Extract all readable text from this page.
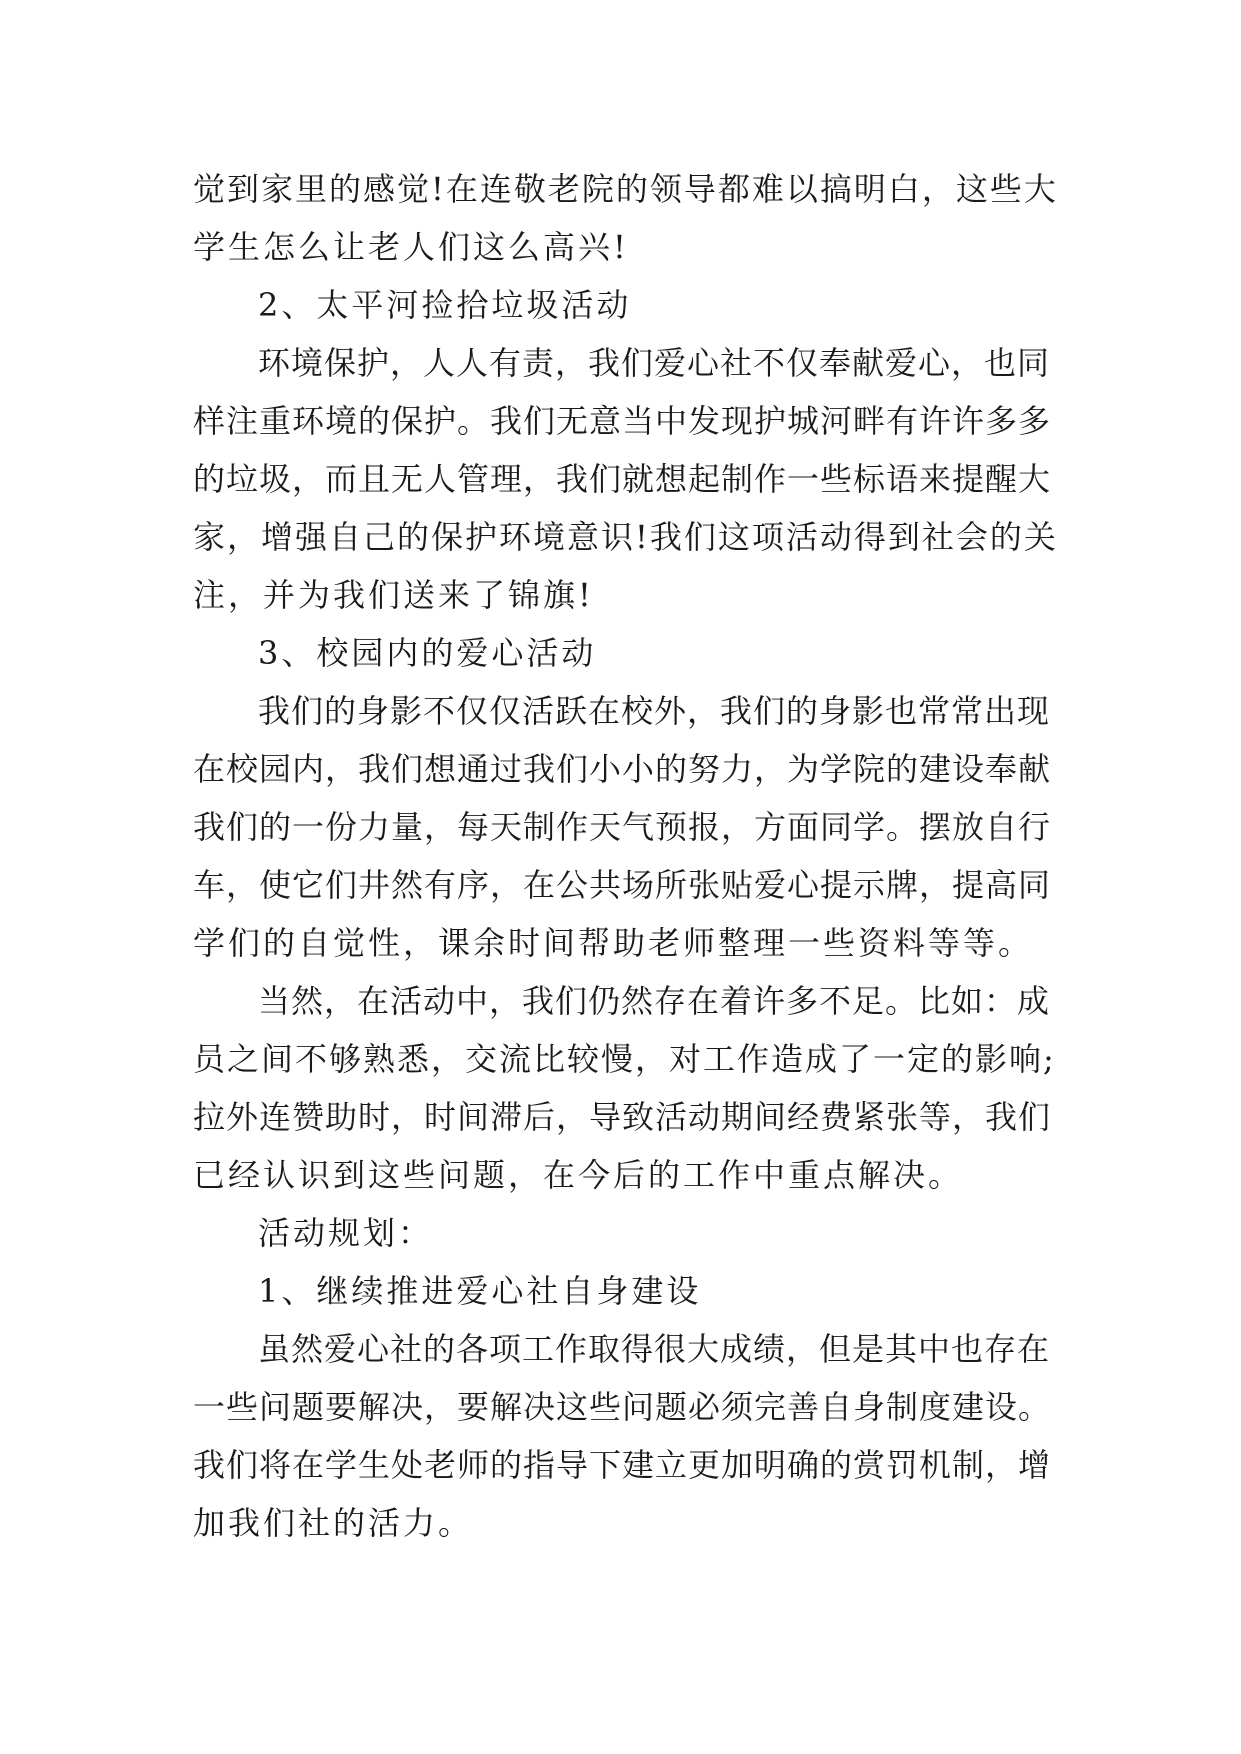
觉到家里的感觉!在连敬老院的领导都难以搞明白，这些大
学生怎么让老人们这么高兴!
2、太平河捡拾垃圾活动
环境保护，人人有责，我们爱心社不仅奉献爱心，也同
样注重环境的保护。我们无意当中发现护城河畔有许许多多
的垃圾，而且无人管理，我们就想起制作一些标语来提醒大
家，增强自己的保护环境意识!我们这项活动得到社会的关
注，并为我们送来了锦旗!
3、校园内的爱心活动
我们的身影不仅仅活跃在校外，我们的身影也常常出现
在校园内，我们想通过我们小小的努力，为学院的建设奉献
我们的一份力量，每天制作天气预报，方面同学。摆放自行
车，使它们井然有序，在公共场所张贴爱心提示牌，提高同
学们的自觉性，课余时间帮助老师整理一些资料等等。
当然，在活动中，我们仍然存在着许多不足。比如：成
员之间不够熟悉，交流比较慢，对工作造成了一定的影响;
拉外连赞助时，时间滞后，导致活动期间经费紧张等，我们
已经认识到这些问题，在今后的工作中重点解决。
活动规划：
1、继续推进爱心社自身建设
虽然爱心社的各项工作取得很大成绩，但是其中也存在
一些问题要解决，要解决这些问题必须完善自身制度建设。
我们将在学生处老师的指导下建立更加明确的赏罚机制，增
加我们社的活力。
